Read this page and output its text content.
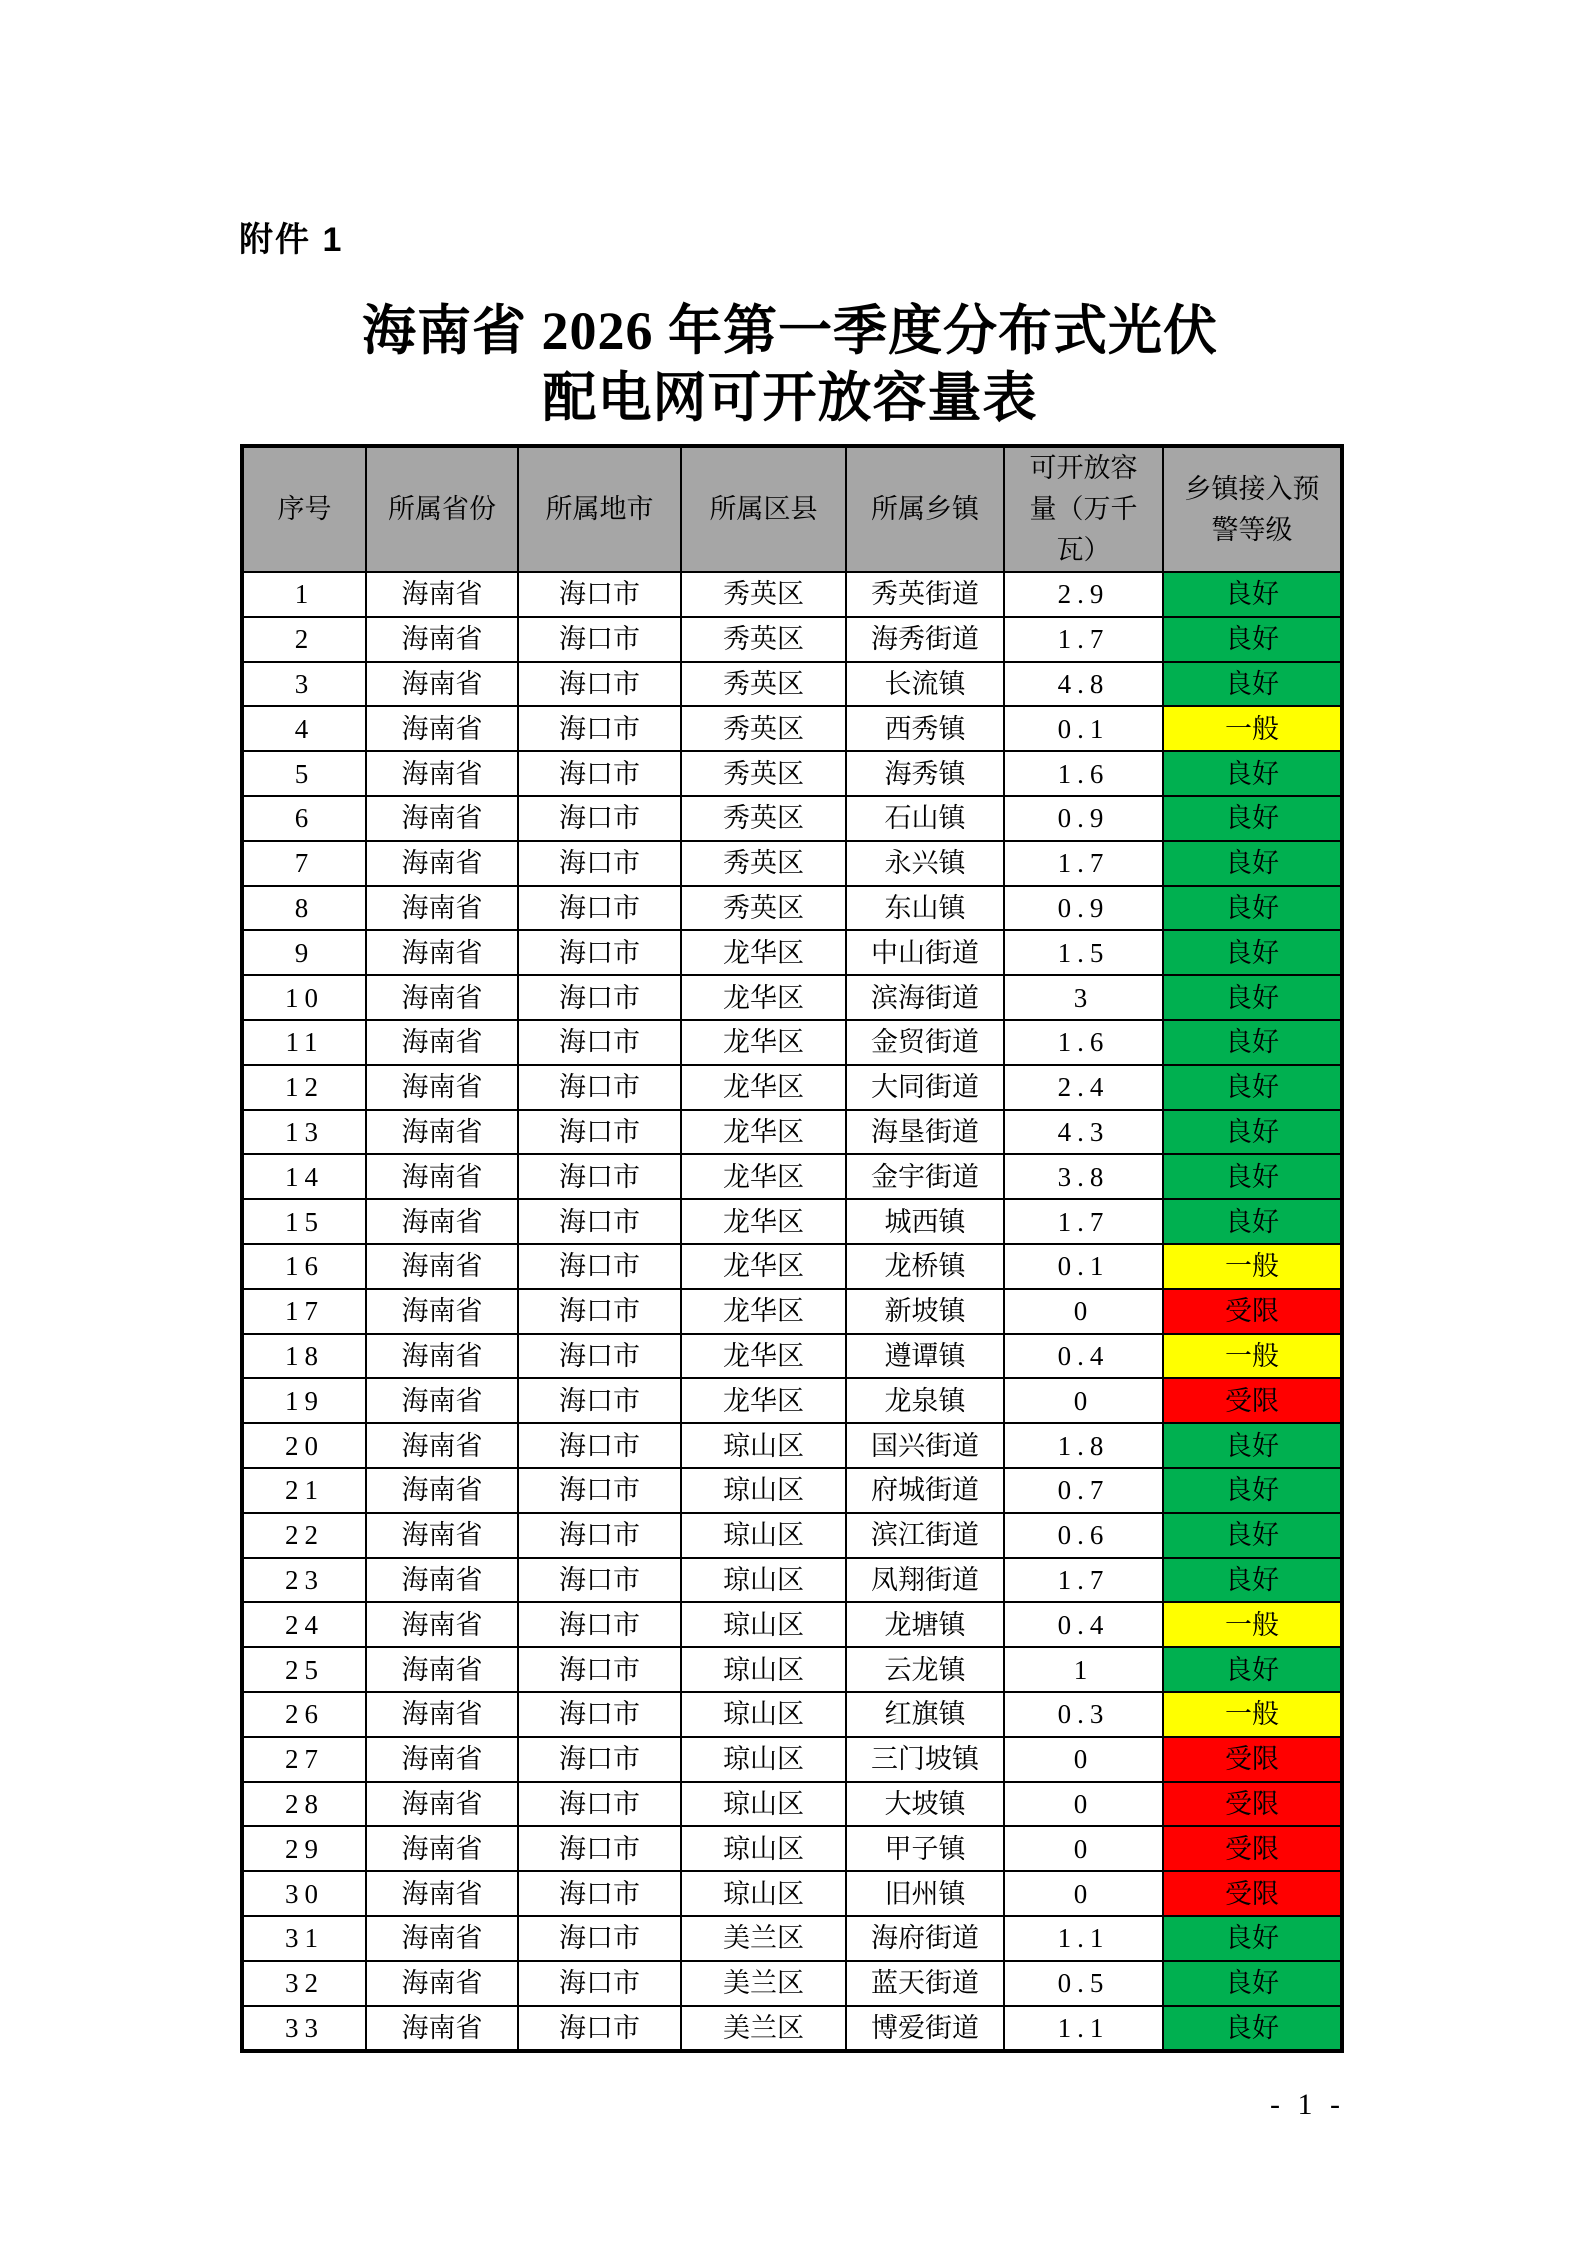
附件 1
海南省 2026 年第一季度分布式光伏
配电网可开放容量表
序号	所属省份	所属地市	所属区县	所属乡镇	可开放容量（万千瓦）	乡镇接入预警等级
1	海南省	海口市	秀英区	秀英街道	2.9	良好
2	海南省	海口市	秀英区	海秀街道	1.7	良好
3	海南省	海口市	秀英区	长流镇	4.8	良好
4	海南省	海口市	秀英区	西秀镇	0.1	一般
5	海南省	海口市	秀英区	海秀镇	1.6	良好
6	海南省	海口市	秀英区	石山镇	0.9	良好
7	海南省	海口市	秀英区	永兴镇	1.7	良好
8	海南省	海口市	秀英区	东山镇	0.9	良好
9	海南省	海口市	龙华区	中山街道	1.5	良好
10	海南省	海口市	龙华区	滨海街道	3	良好
11	海南省	海口市	龙华区	金贸街道	1.6	良好
12	海南省	海口市	龙华区	大同街道	2.4	良好
13	海南省	海口市	龙华区	海垦街道	4.3	良好
14	海南省	海口市	龙华区	金宇街道	3.8	良好
15	海南省	海口市	龙华区	城西镇	1.7	良好
16	海南省	海口市	龙华区	龙桥镇	0.1	一般
17	海南省	海口市	龙华区	新坡镇	0	受限
18	海南省	海口市	龙华区	遵谭镇	0.4	一般
19	海南省	海口市	龙华区	龙泉镇	0	受限
20	海南省	海口市	琼山区	国兴街道	1.8	良好
21	海南省	海口市	琼山区	府城街道	0.7	良好
22	海南省	海口市	琼山区	滨江街道	0.6	良好
23	海南省	海口市	琼山区	凤翔街道	1.7	良好
24	海南省	海口市	琼山区	龙塘镇	0.4	一般
25	海南省	海口市	琼山区	云龙镇	1	良好
26	海南省	海口市	琼山区	红旗镇	0.3	一般
27	海南省	海口市	琼山区	三门坡镇	0	受限
28	海南省	海口市	琼山区	大坡镇	0	受限
29	海南省	海口市	琼山区	甲子镇	0	受限
30	海南省	海口市	琼山区	旧州镇	0	受限
31	海南省	海口市	美兰区	海府街道	1.1	良好
32	海南省	海口市	美兰区	蓝天街道	0.5	良好
33	海南省	海口市	美兰区	博爱街道	1.1	良好
- 1 -
